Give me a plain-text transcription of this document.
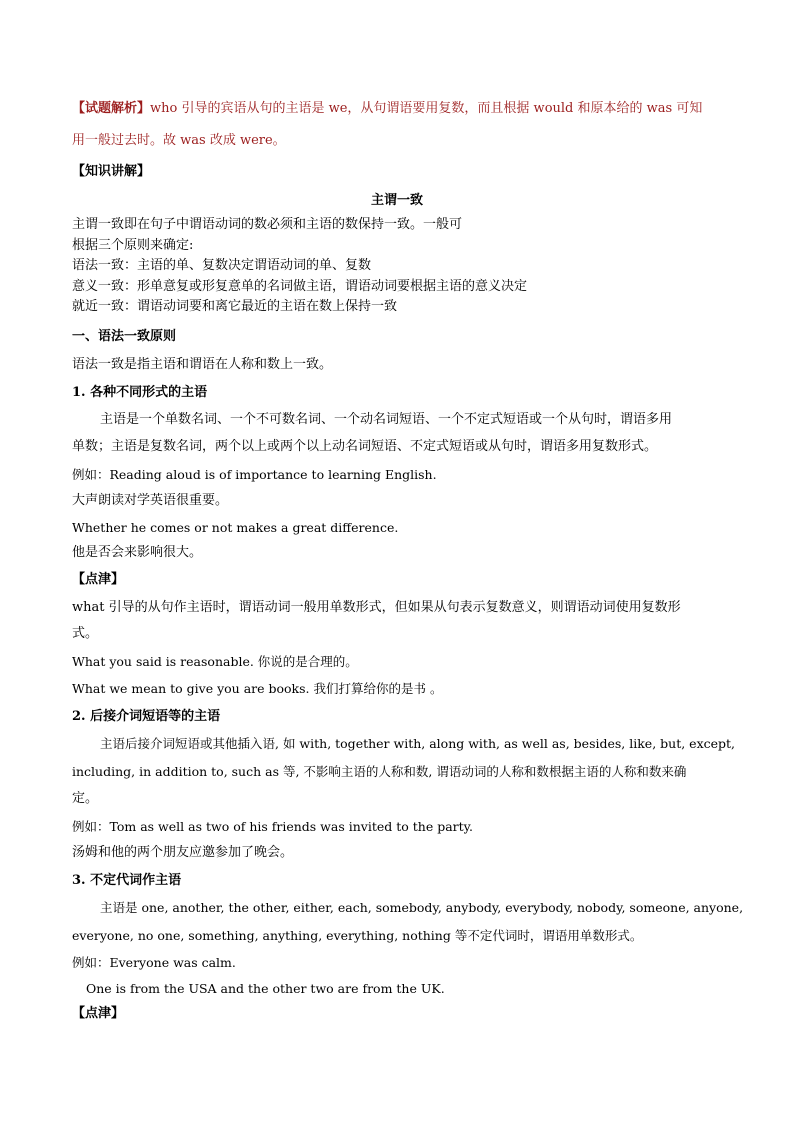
【试题解析】who 引导的宾语从句的主语是 we，从句谓语要用复数，而且根据 would 和原本给的 was 可知
用一般过去时。故 was 改成 were。
【知识讲解】
主谓一致
主谓一致即在句子中谓语动词的数必须和主语的数保持一致。一般可
根据三个原则来确定:
语法一致：主语的单、复数决定谓语动词的单、复数
意义一致：形单意复或形复意单的名词做主语，谓语动词要根据主语的意义决定
就近一致：谓语动词要和离它最近的主语在数上保持一致
一、语法一致原则
语法一致是指主语和谓语在人称和数上一致。
1. 各种不同形式的主语
主语是一个单数名词、一个不可数名词、一个动名词短语、一个不定式短语或一个从句时，谓语多用
单数；主语是复数名词，两个以上或两个以上动名词短语、不定式短语或从句时，谓语多用复数形式。
例如：Reading aloud is of importance to learning English.
大声朗读对学英语很重要。
Whether he comes or not makes a great difference.
他是否会来影响很大。
【点津】
what 引导的从句作主语时，谓语动词一般用单数形式，但如果从句表示复数意义，则谓语动词使用复数形
式。
What you said is reasonable. 你说的是合理的。
What we mean to give you are books. 我们打算给你的是书 。
2. 后接介词短语等的主语
主语后接介词短语或其他插入语, 如 with, together with, along with, as well as, besides, like, but, except,
including, in addition to, such as 等, 不影响主语的人称和数, 谓语动词的人称和数根据主语的人称和数来确
定。
例如：Tom as well as two of his friends was invited to the party.
汤姆和他的两个朋友应邀参加了晚会。
3. 不定代词作主语
主语是 one, another, the other, either, each, somebody, anybody, everybody, nobody, someone, anyone,
everyone, no one, something, anything, everything, nothing 等不定代词时，谓语用单数形式。
例如：Everyone was calm.
One is from the USA and the other two are from the UK.
【点津】
